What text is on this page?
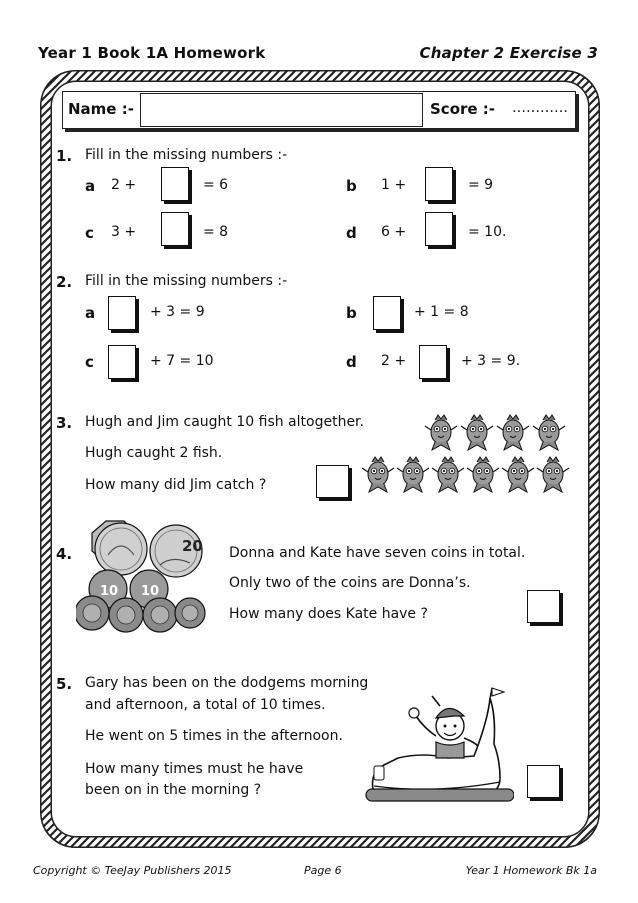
Year 1 Book 1A Homework	Chapter 2 Exercise 3
Name :-	Score :- …………
1. Fill in the missing numbers :-
a 2 +	= 6	b 1 +	= 9
c 3 +	= 8	d 6 +	= 10.
2. Fill in the missing numbers :-
a	+ 3 = 9	b	+ 1 = 8
c	+ 7 = 10	d 2 +	+ 3 = 9.
3. Hugh and Jim caught 10 fish altogether.
Hugh caught 2 fish.
How many did Jim catch ?
4.	Donna and Kate have seven coins in total.
Only two of the coins are Donna’s.
How many does Kate have ?
20
10 10
5. Gary has been on the dodgems morning
and afternoon, a total of 10 times.
He went on 5 times in the afternoon.
How many times must he have
been on in the morning ?
Copyright © TeeJay Publishers 2015	Page 6	Year 1 Homework Bk 1a
